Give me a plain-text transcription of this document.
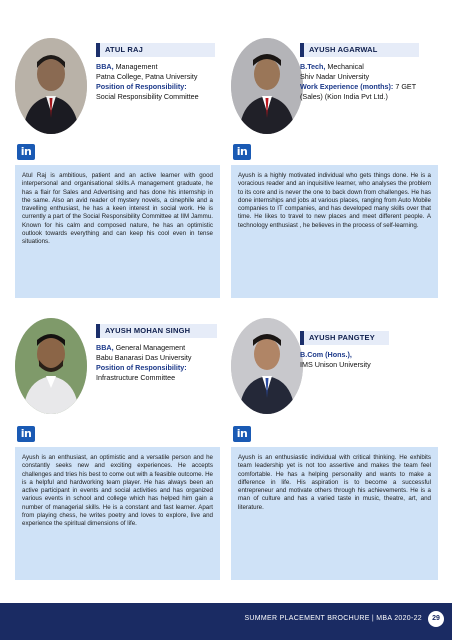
ATUL RAJ
BBA, Management
Patna College, Patna University
Position of Responsibility:
Social Responsibility Committee
in
Atul Raj is ambitious, patient and an active learner with good interpersonal and organisational skills.A management graduate, he has a flair for Sales and Advertising and has done his internship in the same. Also an avid reader of mystery novels, a cinephile and a travelling enthusiast, he has a keen interest in social work. He is currently a part of the Social Responsibility Committee at IIM Jammu. Known for his calm and composed nature, he has an optimistic outlook towards everything and can keep his cool even in tense situations.
AYUSH AGARWAL
B.Tech, Mechanical
Shiv Nadar University
Work Experience (months): 7 GET
(Sales) (Kion India Pvt Ltd.)
in
Ayush is a highly motivated individual who gets things done. He is a voracious reader and an inquisitive learner, who analyses the problem to its core and is never the one to back down from challenges. He has done internships and jobs at various places, ranging from Auto Mobile companies to IT companies, and has developed many skills over that time. He likes to travel to new places and meet different people. A technology enthusiast , he believes in the process of self-learning.
AYUSH MOHAN SINGH
BBA, General Management
Babu Banarasi Das University
Position of Responsibility:
Infrastructure Committee
in
Ayush is an enthusiast, an optimistic and a versatile person and he constantly seeks new and exciting experiences. He accepts challenges and tries his best to come out with a feasible outcome. He is a helpful and hardworking team player. He has always been an active participant in events and social activities and has organized various events in school and college which has helped him gain a number of managerial skills. He is a constant and fast learner. Apart from playing chess, he writes poetry and loves to explore, live and experience the spiritual dimensions of life.
AYUSH PANGTEY
B.Com (Hons.),
IMS Unison University
in
Ayush is an enthusiastic individual with critical thinking. He exhibits team leadership yet is not too assertive and makes the team feel comfortable. He has a helping personality and wants to make a difference in life. His aspiration is to become a successful entrepreneur and motivate others through his achievements. He is a man of culture and has a varied taste in music, theatre, art, and literature.
SUMMER PLACEMENT BROCHURE | MBA 2020-22	29
